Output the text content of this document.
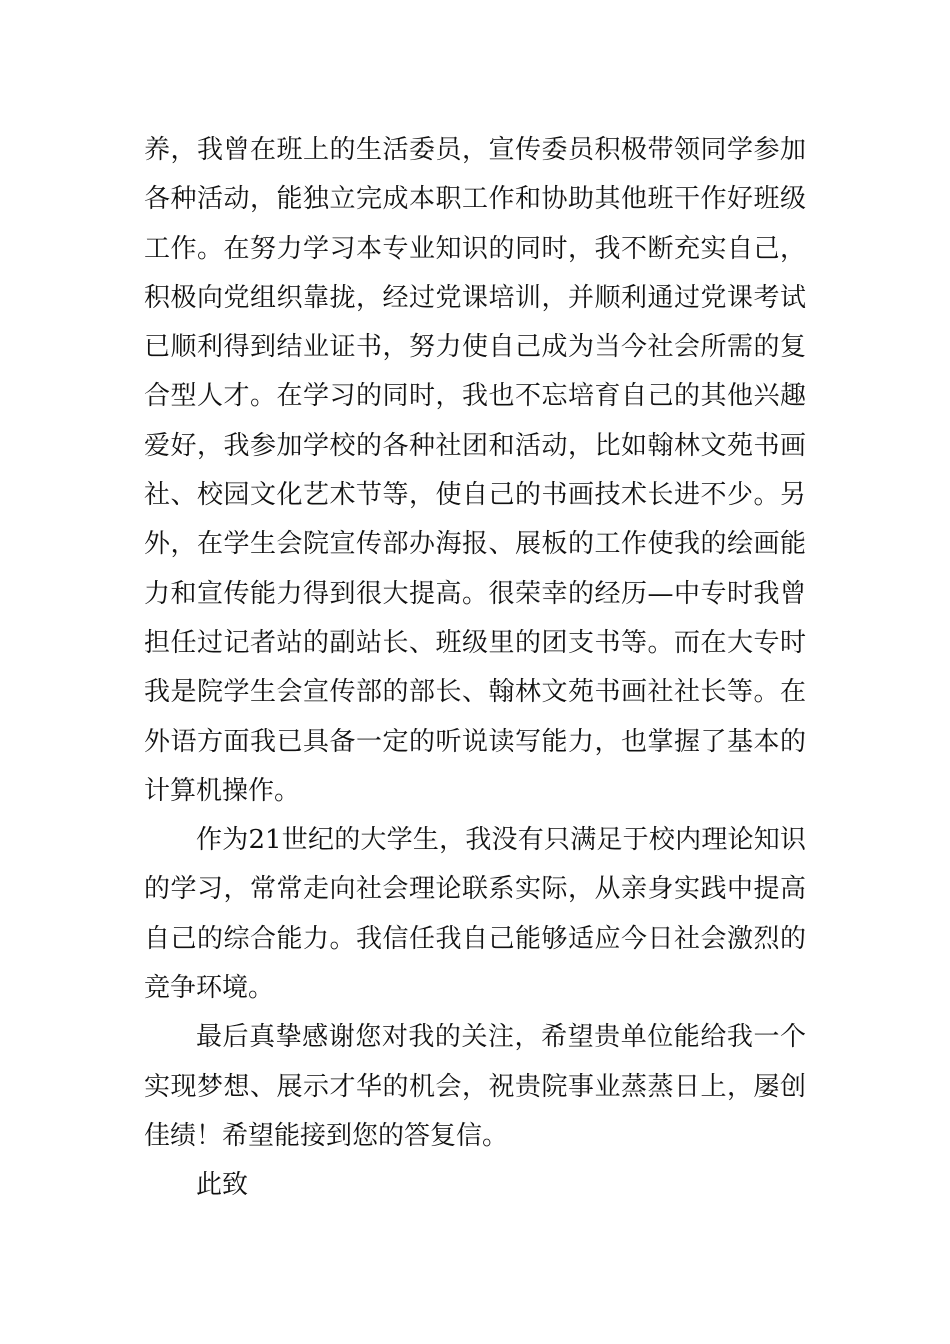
养，我曾在班上的生活委员，宣传委员积极带领同学参加
各种活动，能独立完成本职工作和协助其他班干作好班级
工作。在努力学习本专业知识的同时，我不断充实自己，
积极向党组织靠拢，经过党课培训，并顺利通过党课考试
已顺利得到结业证书，努力使自己成为当今社会所需的复
合型人才。在学习的同时，我也不忘培育自己的其他兴趣
爱好，我参加学校的各种社团和活动，比如翰林文苑书画
社、校园文化艺术节等，使自己的书画技术长进不少。另
外，在学生会院宣传部办海报、展板的工作使我的绘画能
力和宣传能力得到很大提高。很荣幸的经历—中专时我曾
担任过记者站的副站长、班级里的团支书等。而在大专时
我是院学生会宣传部的部长、翰林文苑书画社社长等。在
外语方面我已具备一定的听说读写能力，也掌握了基本的
计算机操作。
作为21世纪的大学生，我没有只满足于校内理论知识
的学习，常常走向社会理论联系实际，从亲身实践中提高
自己的综合能力。我信任我自己能够适应今日社会激烈的
竞争环境。
最后真挚感谢您对我的关注，希望贵单位能给我一个
实现梦想、展示才华的机会，祝贵院事业蒸蒸日上，屡创
佳绩！希望能接到您的答复信。
此致
